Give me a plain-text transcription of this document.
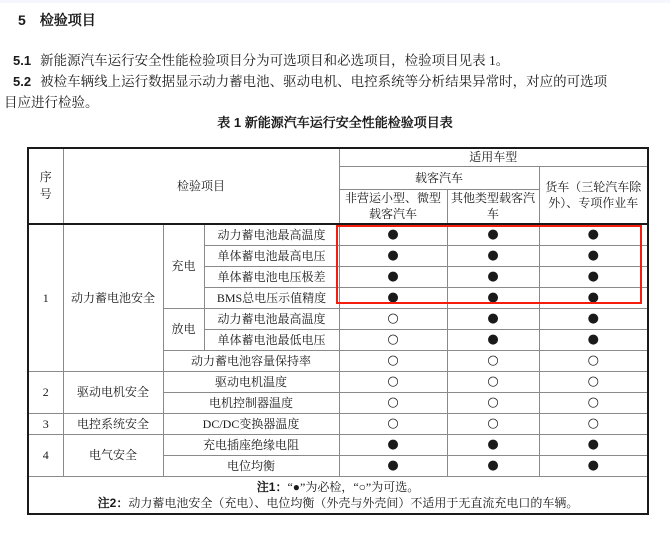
5　检验项目
5.1 新能源汽车运行安全性能检验项目分为可选项目和必选项目，检验项目见表 1。
5.2 被检车辆线上运行数据显示动力蓄电池、驱动电机、电控系统等分析结果异常时，对应的可选项
目应进行检验。
表 1 新能源汽车运行安全性能检验项目表
序号	检验项目			适用车型		
				载客汽车		货车（三轮汽车除外）、专项作业车
				非营运小型、微型载客汽车	其他类型载客汽车	
1	动力蓄电池安全	充电	动力蓄电池最高温度	●	●	●
			单体蓄电池最高电压	●	●	●
			单体蓄电池电压极差	●	●	●
			BMS总电压示值精度	●	●	●
		放电	动力蓄电池最高温度	○	●	●
			单体蓄电池最低电压	○	●	●
		动力蓄电池容量保持率		○	○	○
2	驱动电机安全	驱动电机温度		○	○	○
		电机控制器温度		○	○	○
3	电控系统安全	DC/DC变换器温度		○	○	○
4	电气安全	充电插座绝缘电阻		●	●	●
		电位均衡		●	●	●

注1：“●”为必检，“○”为可选。
注2：动力蓄电池安全（充电）、电位均衡（外壳与外壳间）不适用于无直流充电口的车辆。						
